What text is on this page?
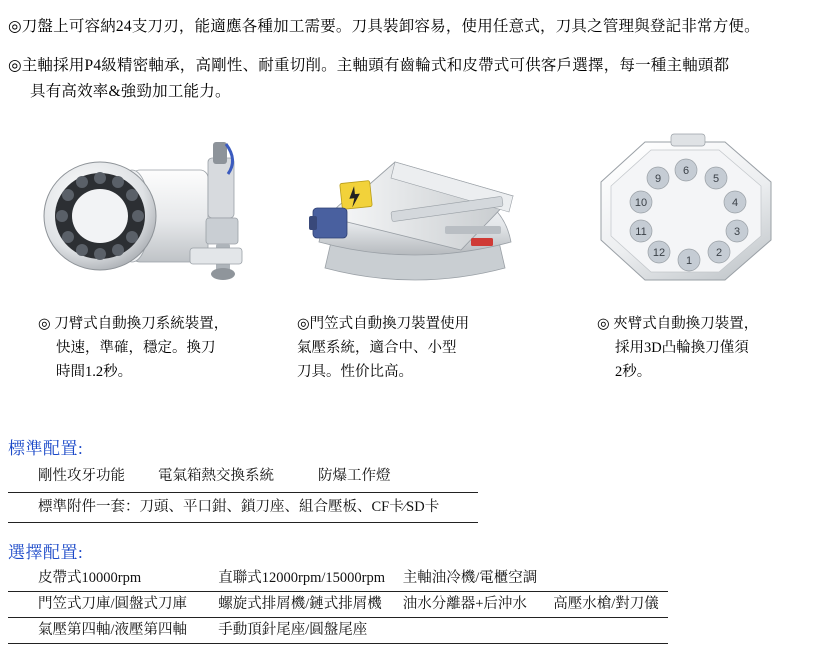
◎刀盤上可容納24支刀刃，能適應各種加工需要。刀具裝卸容易，使用任意式，刀具之管理與登記非常方便。
◎主軸採用P4級精密軸承，高剛性、耐重切削。主軸頭有齒輪式和皮帶式可供客戶選擇，每一種主軸頭都
具有高效率&強勁加工能力。
6
5
4
3
2
1
12
11
10
9
◎ 刀臂式自動換刀系統裝置，
快速，準確，穩定。換刀
時間1.2秒。
◎門笠式自動換刀裝置使用
氣壓系統，適合中、小型
刀具。性价比高。
◎ 夾臂式自動換刀裝置，
採用3D凸輪換刀僅須
2秒。
標準配置:
剛性攻牙功能	電氣箱熱交換系統	防爆工作燈
標準附件一套：刀頭、平口鉗、鎖刀座、組合壓板、CF卡∕SD卡
選擇配置:
皮帶式10000rpm	直聯式12000rpm/15000rpm	主軸油冷機/電櫃空調	
門笠式刀庫/圓盤式刀庫	螺旋式排屑機/鏈式排屑機	油水分離器+后沖水	高壓水槍/對刀儀
氣壓第四軸/液壓第四軸	手動頂針尾座/圓盤尾座		
